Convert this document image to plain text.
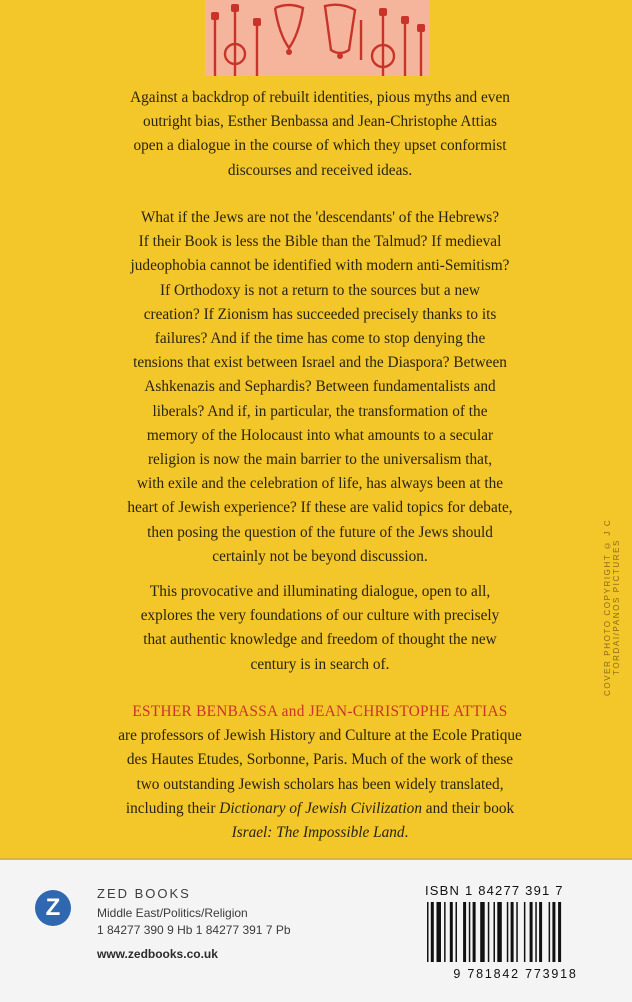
Against a backdrop of rebuilt identities, pious myths and even
outright bias, Esther Benbassa and Jean-Christophe Attias
open a dialogue in the course of which they upset conformist
discourses and received ideas.
What if the Jews are not the 'descendants' of the Hebrews?
If their Book is less the Bible than the Talmud? If medieval
judeophobia cannot be identified with modern anti-Semitism?
If Orthodoxy is not a return to the sources but a new
creation? If Zionism has succeeded precisely thanks to its
failures? And if the time has come to stop denying the
tensions that exist between Israel and the Diaspora? Between
Ashkenazis and Sephardis? Between fundamentalists and
liberals? And if, in particular, the transformation of the
memory of the Holocaust into what amounts to a secular
religion is now the main barrier to the universalism that,
with exile and the celebration of life, has always been at the
heart of Jewish experience? If these are valid topics for debate,
then posing the question of the future of the Jews should
certainly not be beyond discussion.
This provocative and illuminating dialogue, open to all,
explores the very foundations of our culture with precisely
that authentic knowledge and freedom of thought the new
century is in search of.
ESTHER BENBASSA and JEAN-CHRISTOPHE ATTIAS
are professors of Jewish History and Culture at the Ecole Pratique
des Hautes Etudes, Sorbonne, Paris. Much of the work of these
two outstanding Jewish scholars has been widely translated,
including their Dictionary of Jewish Civilization and their book
Israel: The Impossible Land.
COVER PHOTO COPYRIGHT © J C TORDAI/PANOS PICTURES
Z
ZED BOOKS
Middle East/Politics/Religion
1 84277 390 9 Hb 1 84277 391 7 Pb
www.zedbooks.co.uk
ISBN 1 84277 391 7
9 781842 773918
